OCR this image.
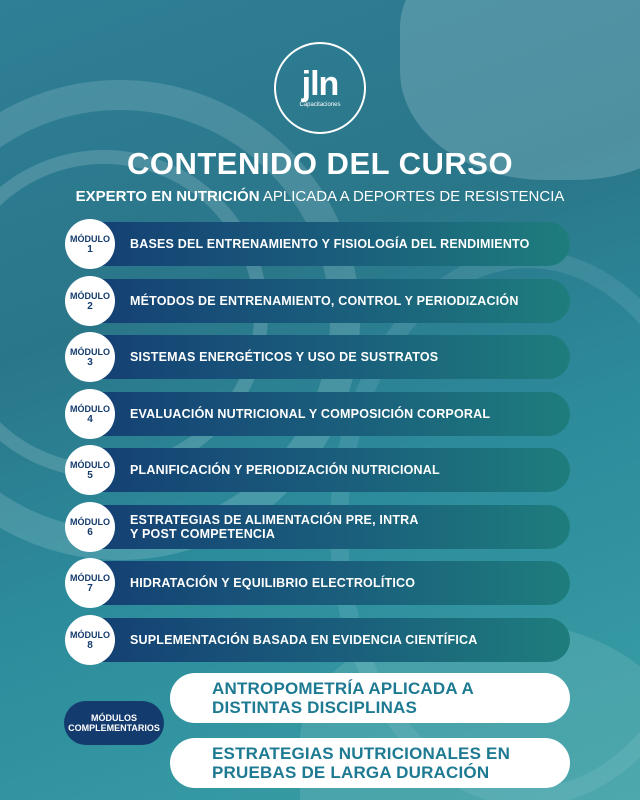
jln
Capacitaciones
CONTENIDO DEL CURSO
EXPERTO EN NUTRICIÓN APLICADA A DEPORTES DE RESISTENCIA
BASES DEL ENTRENAMIENTO Y FISIOLOGÍA DEL RENDIMIENTO
MÓDULO
1
MÉTODOS DE ENTRENAMIENTO, CONTROL Y PERIODIZACIÓN
MÓDULO
2
SISTEMAS ENERGÉTICOS Y USO DE SUSTRATOS
MÓDULO
3
EVALUACIÓN NUTRICIONAL Y COMPOSICIÓN CORPORAL
MÓDULO
4
PLANIFICACIÓN Y PERIODIZACIÓN NUTRICIONAL
MÓDULO
5
ESTRATEGIAS DE ALIMENTACIÓN PRE, INTRA
Y POST COMPETENCIA
MÓDULO
6
HIDRATACIÓN Y EQUILIBRIO ELECTROLÍTICO
MÓDULO
7
SUPLEMENTACIÓN BASADA EN EVIDENCIA CIENTÍFICA
MÓDULO
8
MÓDULOS
COMPLEMENTARIOS
ANTROPOMETRÍA APLICADA A
DISTINTAS DISCIPLINAS
ESTRATEGIAS NUTRICIONALES EN
PRUEBAS DE LARGA DURACIÓN
